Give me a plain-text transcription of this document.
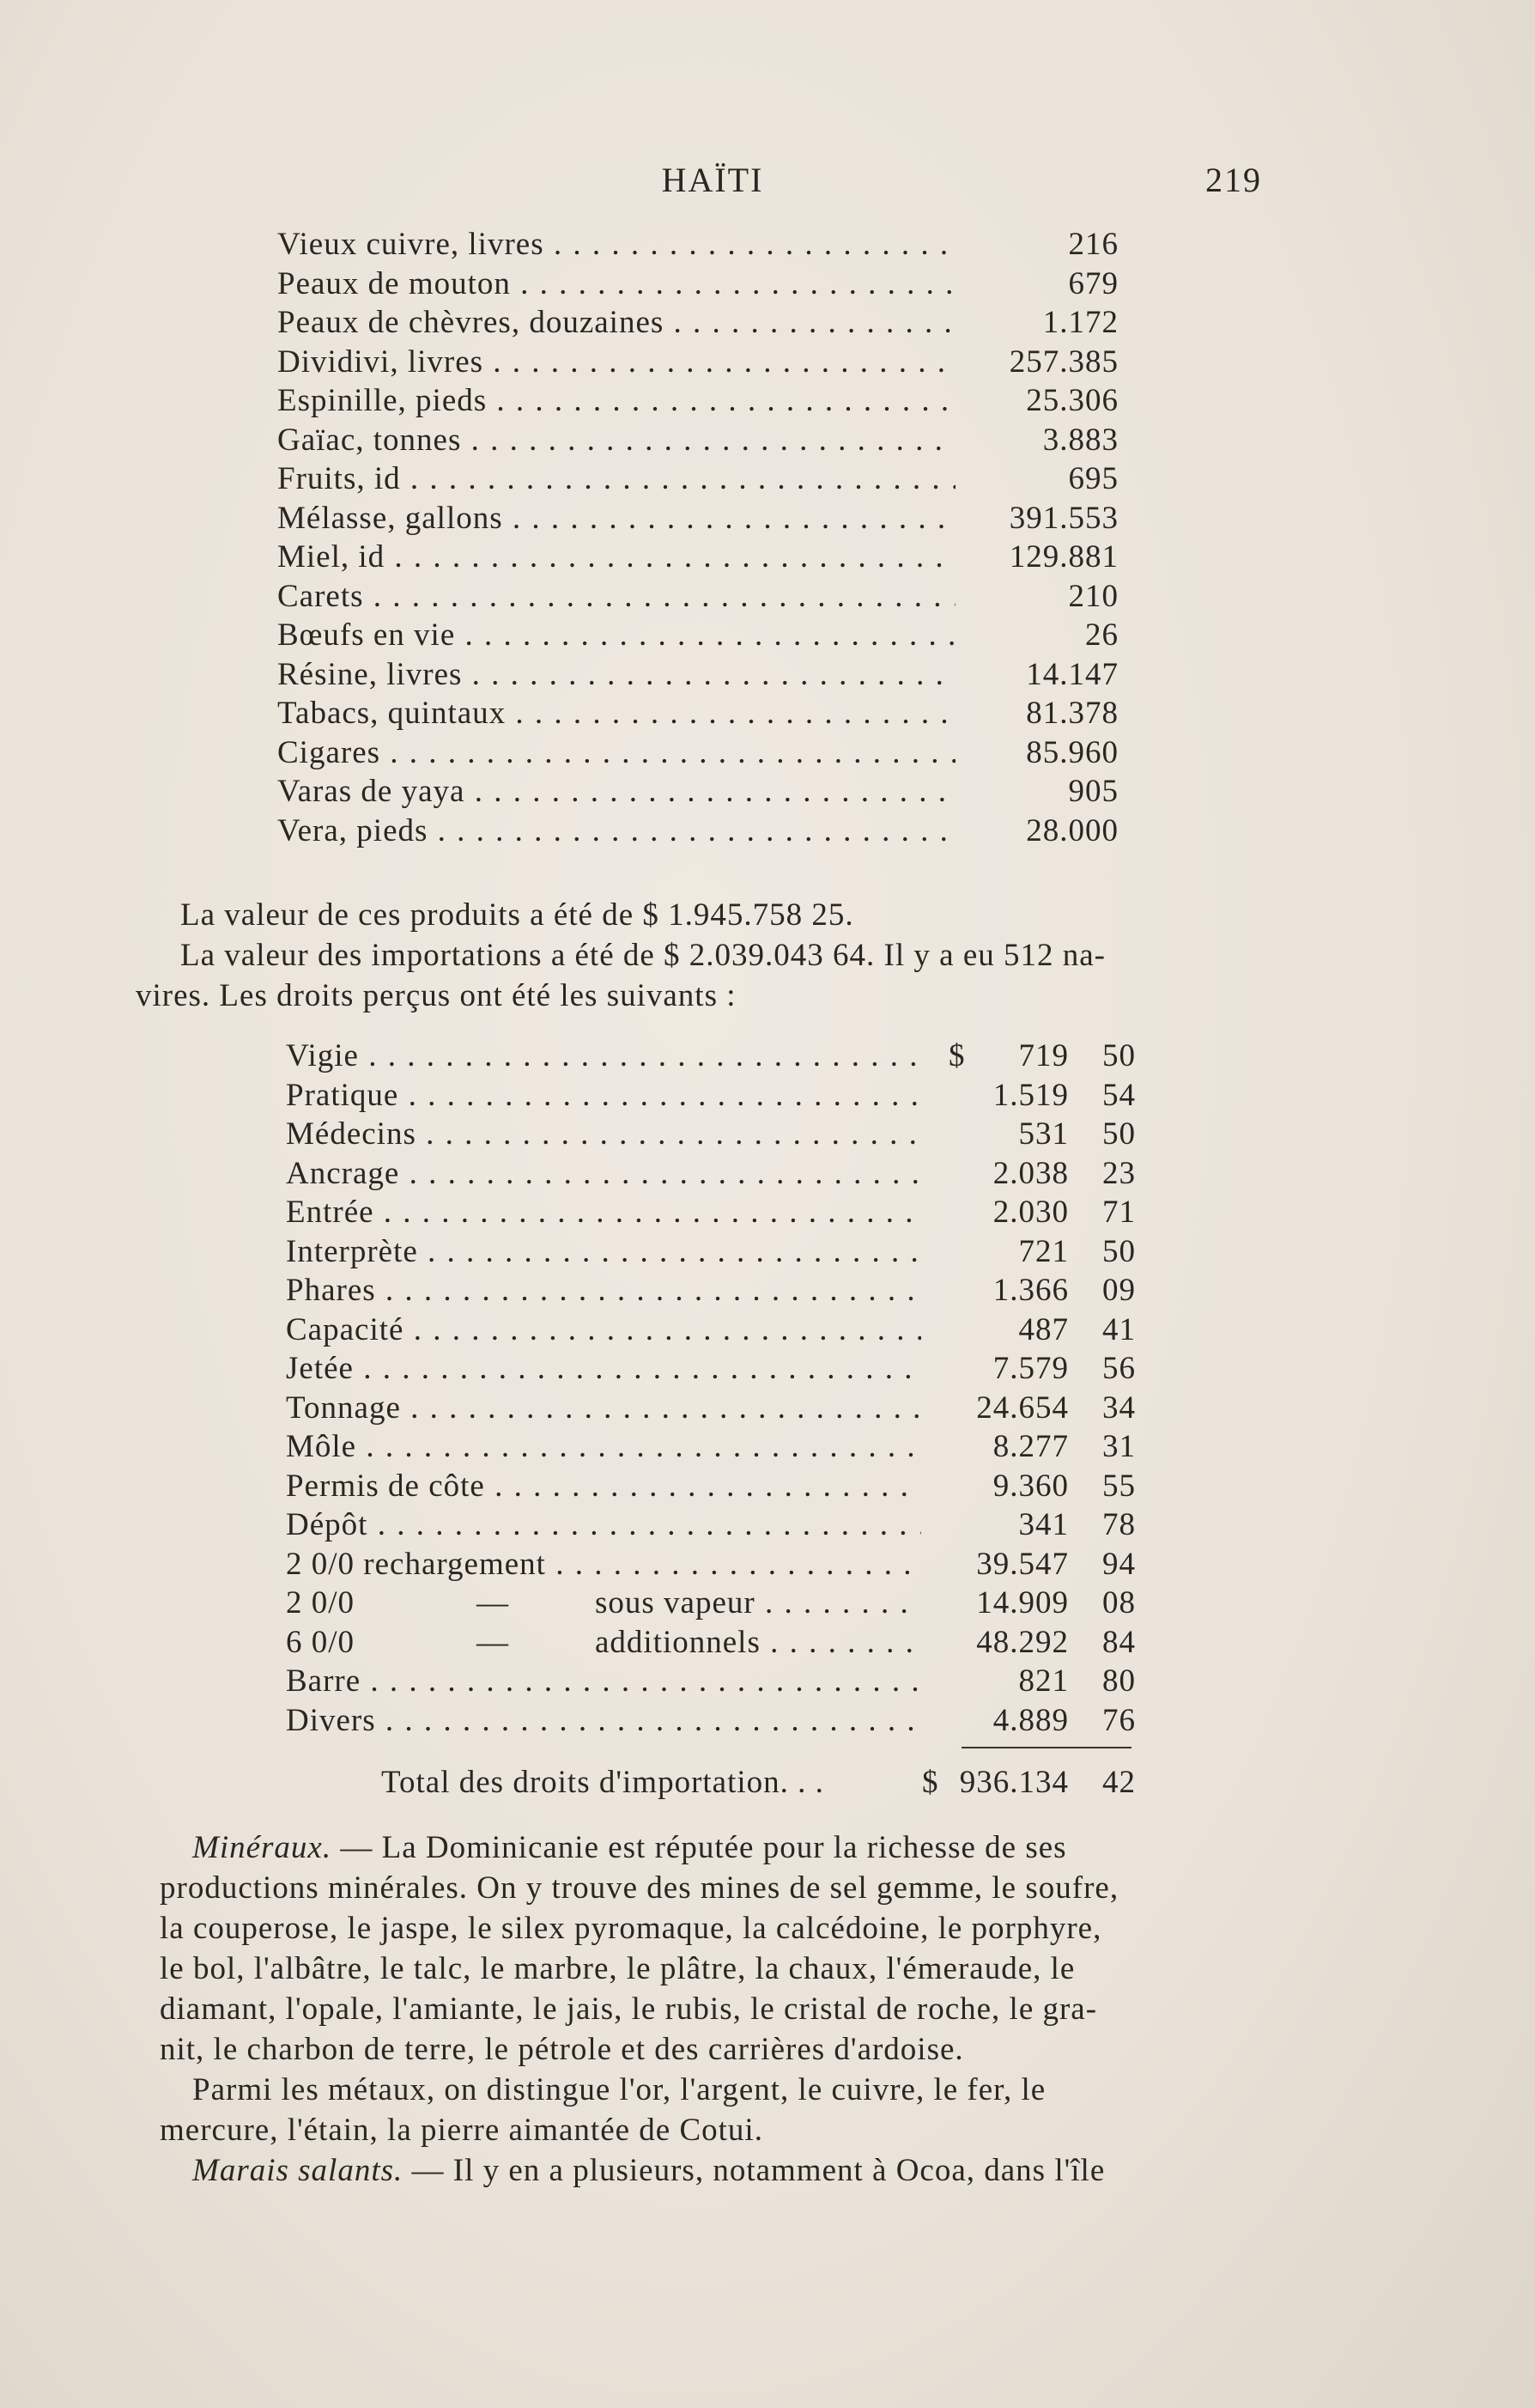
HAÏTI	219
Vieux cuivre, livres . . .	216
Peaux de mouton . . .	679
Peaux de chèvres, douzaines . . .	1.172
Dividivi, livres . . .	257.385
Espinille, pieds . . .	25.306
Gaïac, tonnes . . .	3.883
Fruits, id . . .	695
Mélasse, gallons . . .	391.553
Miel, id . . .	129.881
Carets . . .	210
Bœufs en vie . . .	26
Résine, livres . . .	14.147
Tabacs, quintaux . . .	81.378
Cigares . . .	85.960
Varas de yaya . . .	905
Vera, pieds . . .	28.000
La valeur de ces produits a été de $ 1.945.758 25.
La valeur des importations a été de $ 2.039.043 64. Il y a eu 512 na-
vires. Les droits perçus ont été les suivants :
Vigie . . .	$	719	50
Pratique . . .	1.519	54
Médecins . . .	531	50
Ancrage . . .	2.038	23
Entrée . . .	2.030	71
Interprète . . .	721	50
Phares . . .	1.366	09
Capacité . . .	487	41
Jetée . . .	7.579	56
Tonnage . . .	24.654	34
Môle . . .	8.277	31
Permis de côte . . .	9.360	55
Dépôt . . .	341	78
2 0/0 rechargement . . .	39.547	94
2 0/0	—	sous vapeur . . .	14.909	08
6 0/0	—	additionnels . . .	48.292	84
Barre . . .	821	80
Divers . . .	4.889	76
Total des droits d'importation. . .	$ 936.134 42
Minéraux. — La Dominicanie est réputée pour la richesse de ses
productions minérales. On y trouve des mines de sel gemme, le soufre,
la couperose, le jaspe, le silex pyromaque, la calcédoine, le porphyre,
le bol, l'albâtre, le talc, le marbre, le plâtre, la chaux, l'émeraude, le
diamant, l'opale, l'amiante, le jais, le rubis, le cristal de roche, le gra-
nit, le charbon de terre, le pétrole et des carrières d'ardoise.
Parmi les métaux, on distingue l'or, l'argent, le cuivre, le fer, le
mercure, l'étain, la pierre aimantée de Cotui.
Marais salants. — Il y en a plusieurs, notamment à Ocoa, dans l'île
